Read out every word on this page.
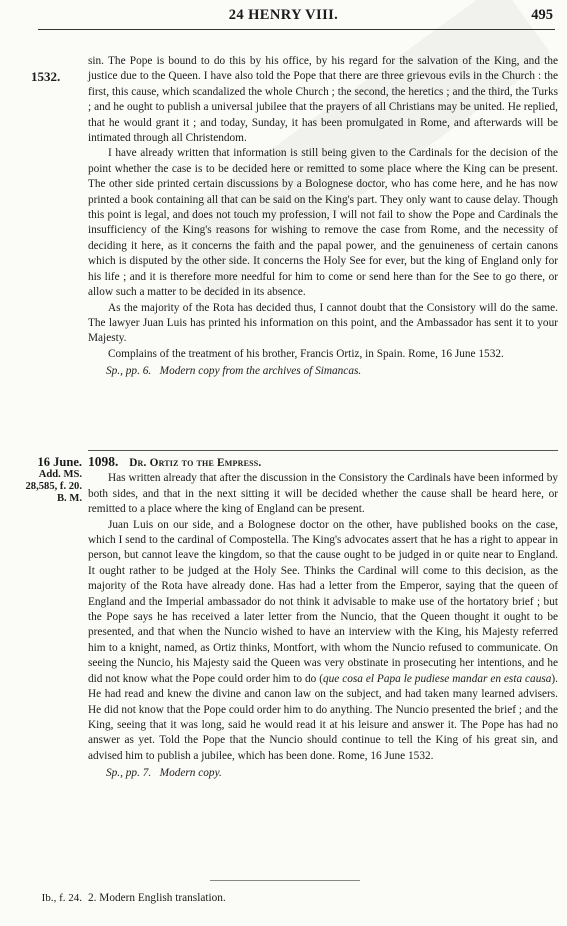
24 HENRY VIII.	495
1532.

sin. The Pope is bound to do this by his office, by his regard for the salvation of the King, and the justice due to the Queen. I have also told the Pope that there are three grievous evils in the Church : the first, this cause, which scandalized the whole Church ; the second, the heretics ; and the third, the Turks ; and he ought to publish a universal jubilee that the prayers of all Christians may be united. He replied, that he would grant it ; and today, Sunday, it has been promulgated in Rome, and afterwards will be intimated through all Christendom.

I have already written that information is still being given to the Cardinals for the decision of the point whether the case is to be decided here or remitted to some place where the King can be present. The other side printed certain discussions by a Bolognese doctor, who has come here, and he has now printed a book containing all that can be said on the King's part. They only want to cause delay. Though this point is legal, and does not touch my profession, I will not fail to show the Pope and Cardinals the insufficiency of the King's reasons for wishing to remove the case from Rome, and the necessity of deciding it here, as it concerns the faith and the papal power, and the genuineness of certain canons which is disputed by the other side. It concerns the Holy See for ever, but the king of England only for his life ; and it is therefore more needful for him to come or send here than for the See to go there, or allow such a matter to be decided in its absence.

As the majority of the Rota has decided thus, I cannot doubt that the Consistory will do the same. The lawyer Juan Luis has printed his information on this point, and the Ambassador has sent it to your Majesty.

Complains of the treatment of his brother, Francis Ortiz, in Spain. Rome, 16 June 1532.

Sp., pp. 6. Modern copy from the archives of Simancas.

16 June.
Add. MS.
28,585, f. 20.
B. M.

1098. Dr. Ortiz to the Empress.

Has written already that after the discussion in the Consistory the Cardinals have been informed by both sides, and that in the next sitting it will be decided whether the cause shall be heard here, or remitted to a place where the king of England can be present.

Juan Luis on our side, and a Bolognese doctor on the other, have published books on the case, which I send to the cardinal of Compostella. The King's advocates assert that he has a right to appear in person, but cannot leave the kingdom, so that the cause ought to be judged in or quite near to England. It ought rather to be judged at the Holy See. Thinks the Cardinal will come to this decision, as the majority of the Rota have already done. Has had a letter from the Emperor, saying that the queen of England and the Imperial ambassador do not think it advisable to make use of the hortatory brief ; but the Pope says he has received a later letter from the Nuncio, that the Queen thought it ought to be presented, and that when the Nuncio wished to have an interview with the King, his Majesty referred him to a knight, named, as Ortiz thinks, Montfort, with whom the Nuncio refused to communicate. On seeing the Nuncio, his Majesty said the Queen was very obstinate in prosecuting her intentions, and he did not know what the Pope could order him to do (que cosa el Papa le pudiese mandar en esta causa). He had read and knew the divine and canon law on the subject, and had taken many learned advisers. He did not know that the Pope could order him to do anything. The Nuncio presented the brief ; and the King, seeing that it was long, said he would read it at his leisure and answer it. The Pope has had no answer as yet. Told the Pope that the Nuncio should continue to tell the King of his great sin, and advised him to publish a jubilee, which has been done. Rome, 16 June 1532.

Sp., pp. 7. Modern copy.

Ib., f. 24. 2. Modern English translation.
